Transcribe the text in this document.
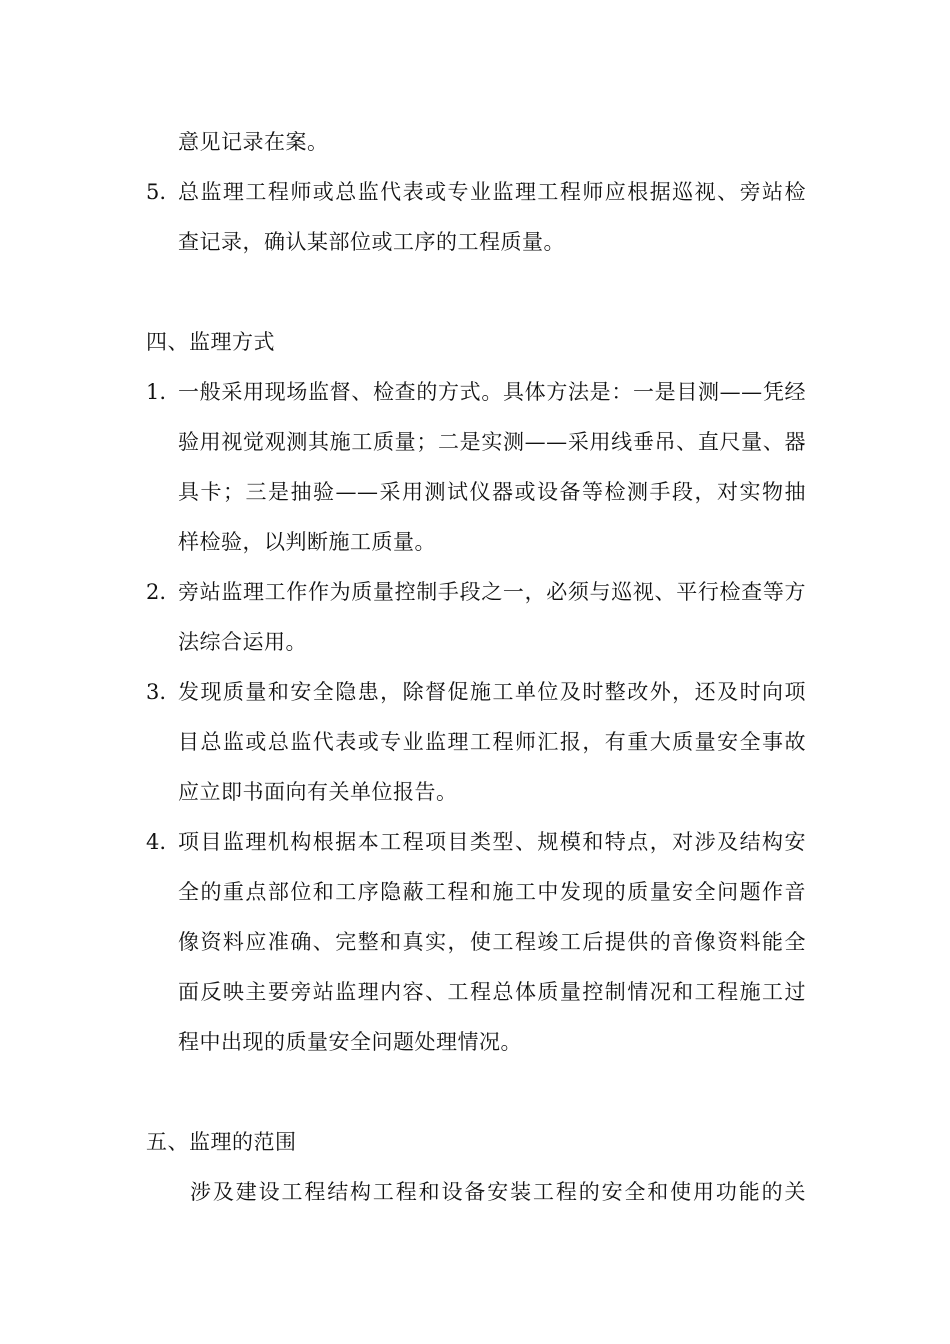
意见记录在案。
5. 总监理工程师或总监代表或专业监理工程师应根据巡视、旁站检
查记录，确认某部位或工序的工程质量。
四、监理方式
1. 一般采用现场监督、检查的方式。具体方法是：一是目测——凭经
验用视觉观测其施工质量；二是实测——采用线垂吊、直尺量、器
具卡；三是抽验——采用测试仪器或设备等检测手段，对实物抽
样检验，以判断施工质量。
2. 旁站监理工作作为质量控制手段之一，必须与巡视、平行检查等方
法综合运用。
3. 发现质量和安全隐患，除督促施工单位及时整改外，还及时向项
目总监或总监代表或专业监理工程师汇报，有重大质量安全事故
应立即书面向有关单位报告。
4. 项目监理机构根据本工程项目类型、规模和特点，对涉及结构安
全的重点部位和工序隐蔽工程和施工中发现的质量安全问题作音
像资料应准确、完整和真实，使工程竣工后提供的音像资料能全
面反映主要旁站监理内容、工程总体质量控制情况和工程施工过
程中出现的质量安全问题处理情况。
五、监理的范围
涉及建设工程结构工程和设备安装工程的安全和使用功能的关
